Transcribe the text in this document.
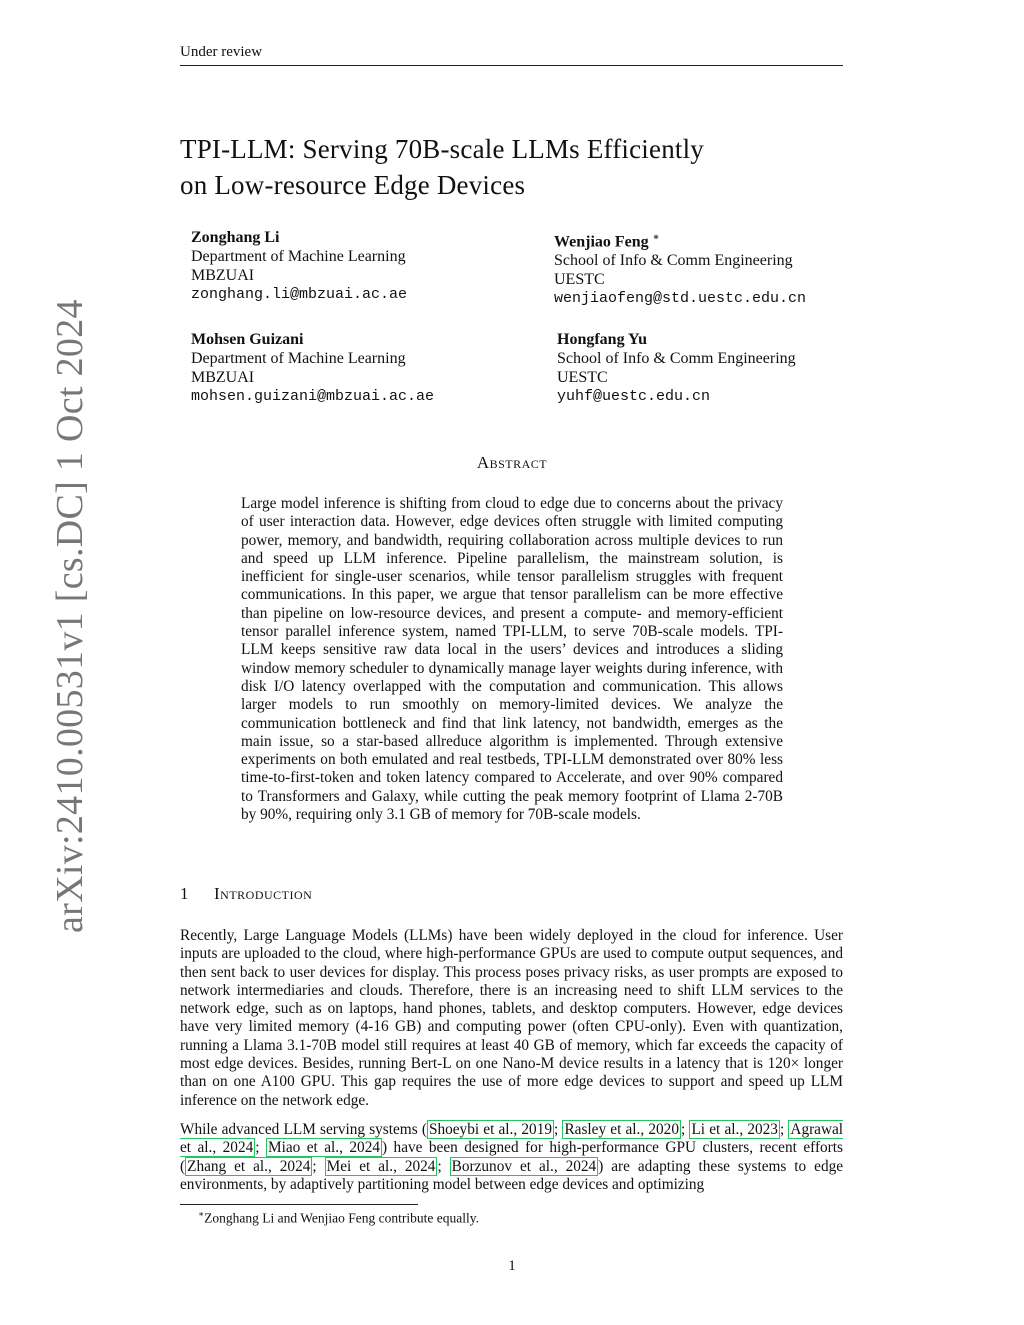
Under review
TPI-LLM: Serving 70B-scale LLMs Efficiently
on Low-resource Edge Devices
Zonghang Li
Department of Machine Learning
MBZUAI
zonghang.li@mbzuai.ac.ae
Wenjiao Feng ∗
School of Info & Comm Engineering
UESTC
wenjiaofeng@std.uestc.edu.cn
Mohsen Guizani
Department of Machine Learning
MBZUAI
mohsen.guizani@mbzuai.ac.ae
Hongfang Yu
School of Info & Comm Engineering
UESTC
yuhf@uestc.edu.cn
Abstract
Large model inference is shifting from cloud to edge due to concerns about the privacy of user interaction data. However, edge devices often struggle with limited computing power, memory, and bandwidth, requiring collaboration across multiple devices to run and speed up LLM inference. Pipeline parallelism, the mainstream solution, is inefficient for single-user scenarios, while tensor parallelism struggles with frequent communications. In this paper, we argue that tensor parallelism can be more effective than pipeline on low-resource devices, and present a compute- and memory-efficient tensor parallel inference system, named TPI-LLM, to serve 70B-scale models. TPI-LLM keeps sensitive raw data local in the users’ devices and introduces a sliding window memory scheduler to dynamically manage layer weights during inference, with disk I/O latency overlapped with the computation and communication. This allows larger models to run smoothly on memory-limited devices. We analyze the communication bottleneck and find that link latency, not bandwidth, emerges as the main issue, so a star-based allreduce algorithm is implemented. Through extensive experiments on both emulated and real testbeds, TPI-LLM demonstrated over 80% less time-to-first-token and token latency compared to Accelerate, and over 90% compared to Transformers and Galaxy, while cutting the peak memory footprint of Llama 2-70B by 90%, requiring only 3.1 GB of memory for 70B-scale models.
1 Introduction
Recently, Large Language Models (LLMs) have been widely deployed in the cloud for inference. User inputs are uploaded to the cloud, where high-performance GPUs are used to compute output sequences, and then sent back to user devices for display. This process poses privacy risks, as user prompts are exposed to network intermediaries and clouds. Therefore, there is an increasing need to shift LLM services to the network edge, such as on laptops, hand phones, tablets, and desktop computers. However, edge devices have very limited memory (4-16 GB) and computing power (often CPU-only). Even with quantization, running a Llama 3.1-70B model still requires at least 40 GB of memory, which far exceeds the capacity of most edge devices. Besides, running Bert-L on one Nano-M device results in a latency that is 120× longer than on one A100 GPU. This gap requires the use of more edge devices to support and speed up LLM inference on the network edge.
While advanced LLM serving systems ( Shoeybi et al., 2019 ; Rasley et al., 2020 ; Li et al., 2023 ; Agrawal et al., 2024 ; Miao et al., 2024 ) have been designed for high-performance GPU clusters, recent efforts ( Zhang et al., 2024 ; Mei et al., 2024 ; Borzunov et al., 2024 ) are adapting these systems to edge environments, by adaptively partitioning model between edge devices and optimizing
∗Zonghang Li and Wenjiao Feng contribute equally.
1
arXiv:2410.00531v1 [cs.DC] 1 Oct 2024
